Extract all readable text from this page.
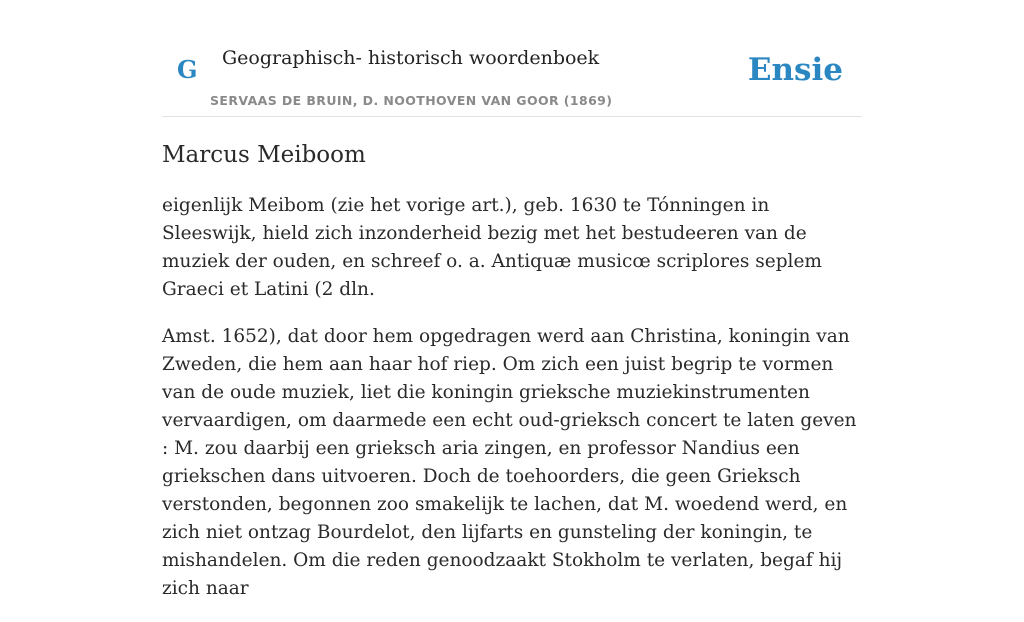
G Geographisch- historisch woordenboek
SERVAAS DE BRUIN, D. NOOTHOVEN VAN GOOR (1869)
Ensie
Marcus Meiboom

eigenlijk Meibom (zie het vorige art.), geb. 1630 te Tónningen in Sleeswijk, hield zich inzonderheid bezig met het bestudeeren van de muziek der ouden, en schreef o. a. Antiquæ musicœ scriplores seplem Graeci et Latini (2 dln.

Amst. 1652), dat door hem opgedragen werd aan Christina, koningin van Zweden, die hem aan haar hof riep. Om zich een juist begrip te vormen van de oude muziek, liet die koningin grieksche muziekinstrumenten vervaardigen, om daarmede een echt oud-grieksch concert te laten geven : M. zou daarbij een grieksch aria zingen, en professor Nandius een griekschen dans uitvoeren. Doch de toehoorders, die geen Grieksch verstonden, begonnen zoo smakelijk te lachen, dat M. woedend werd, en zich niet ontzag Bourdelot, den lijfarts en gunsteling der koningin, te mishandelen. Om die reden genoodzaakt Stokholm te verlaten, begaf hij zich naar
